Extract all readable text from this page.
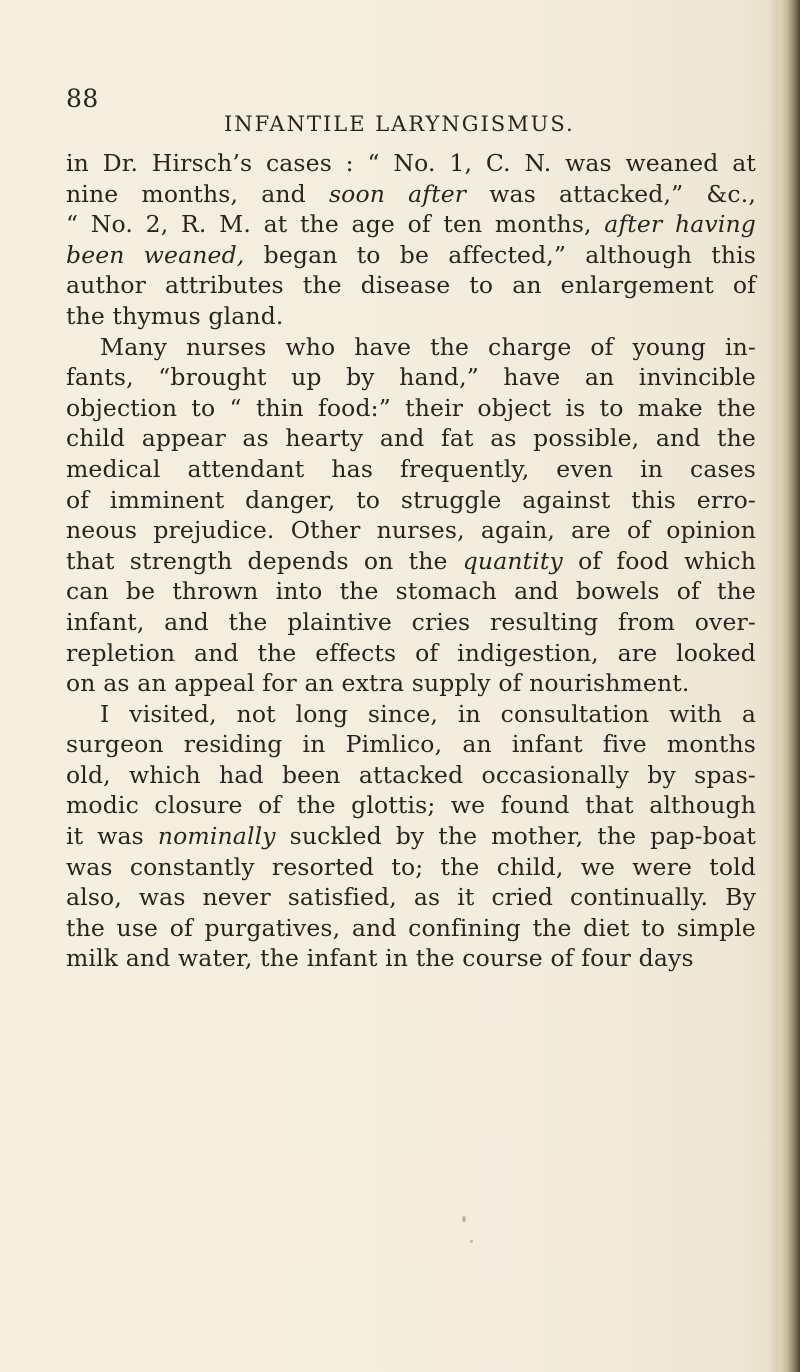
88
INFANTILE LARYNGISMUS.
in Dr. Hirsch’s cases : “ No. 1, C. N. was weaned at
nine months, and soon after was attacked,” &c.,
“ No. 2, R. M. at the age of ten months, after having
been weaned, began to be affected,” although this
author attributes the disease to an enlargement of
the thymus gland.
Many nurses who have the charge of young in-
fants, “brought up by hand,” have an invincible
objection to “ thin food:” their object is to make the
child appear as hearty and fat as possible, and the
medical attendant has frequently, even in cases
of imminent danger, to struggle against this erro-
neous prejudice. Other nurses, again, are of opinion
that strength depends on the quantity of food which
can be thrown into the stomach and bowels of the
infant, and the plaintive cries resulting from over-
repletion and the effects of indigestion, are looked
on as an appeal for an extra supply of nourishment.
I visited, not long since, in consultation with a
surgeon residing in Pimlico, an infant five months
old, which had been attacked occasionally by spas-
modic closure of the glottis; we found that although
it was nominally suckled by the mother, the pap-boat
was constantly resorted to; the child, we were told
also, was never satisfied, as it cried continually. By
the use of purgatives, and confining the diet to simple
milk and water, the infant in the course of four days
